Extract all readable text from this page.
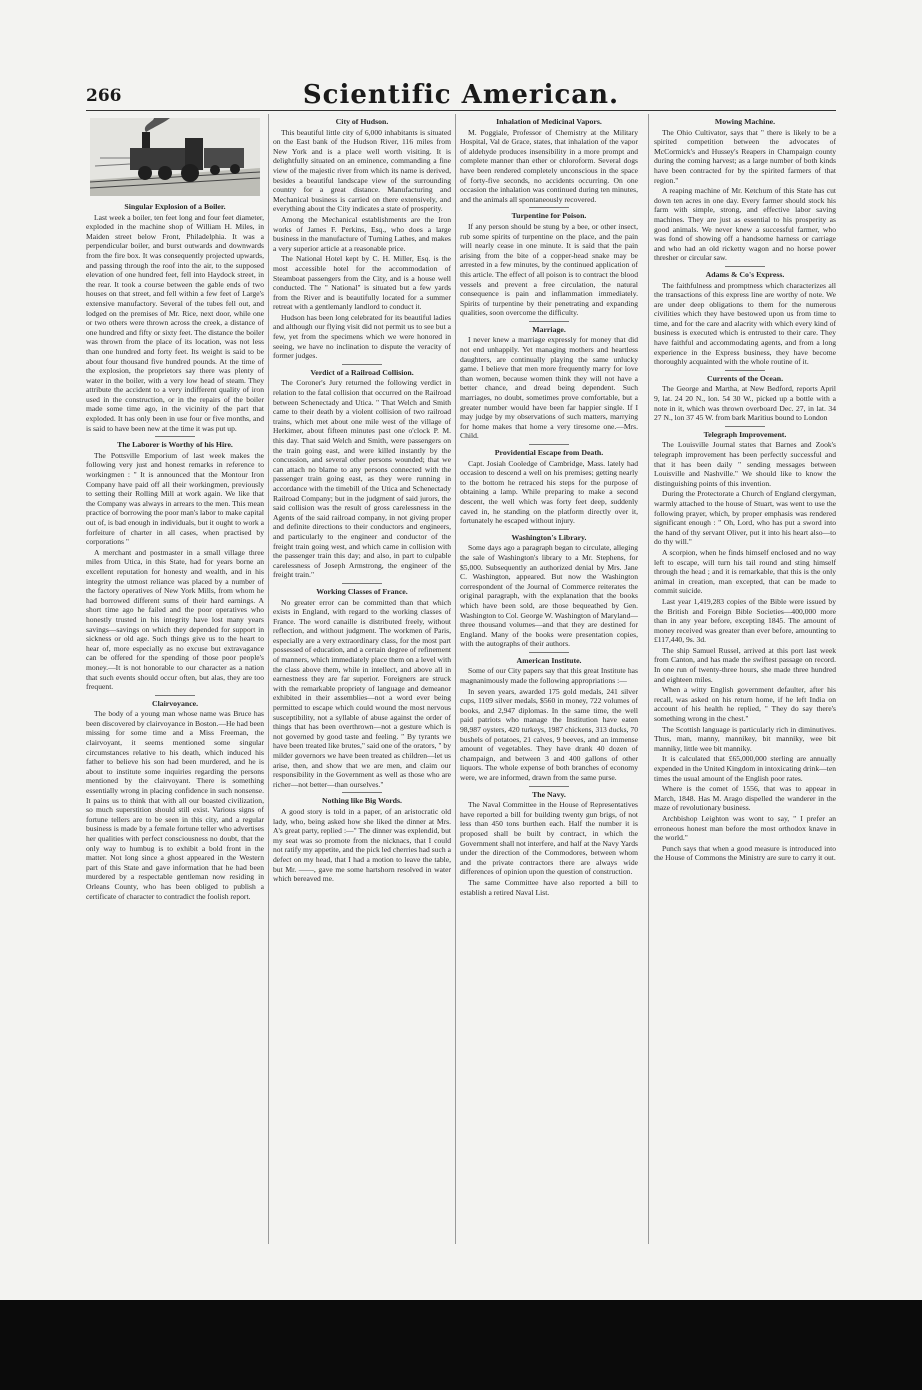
266	Scientific American.
Singular Explosion of a Boiler.

Last week a boiler, ten feet long and four feet diameter, exploded in the machine shop of William H. Miles, in Maiden street below Front, Philadelphia. It was a perpendicular boiler, and burst outwards and downwards from the fire box. It was consequently projected upwards, and passing through the roof into the air, to the supposed elevation of one hundred feet, fell into Haydock street, in the rear. It took a course between the gable ends of two houses on that street, and fell within a few feet of Large's extensive manufactory. Several of the tubes fell out, and lodged on the premises of Mr. Rice, next door, while one or two others were thrown across the creek, a distance of one hundred and fifty or sixty feet. The distance the boiler was thrown from the place of its location, was not less than one hundred and forty feet. Its weight is said to be about four thousand five hundred pounds. At the time of the explosion, the proprietors say there was plenty of water in the boiler, with a very low head of steam. They attribute the accident to a very indifferent quality of iron used in the construction, or in the repairs of the boiler made some time ago, in the vicinity of the part that exploded. It has only been in use four or five months, and is said to have been new at the time it was put up.

The Laborer is Worthy of his Hire.

The Pottsville Emporium of last week makes the following very just and honest remarks in reference to workingmen : " It is announced that the Montour Iron Company have paid off all their workingmen, previously to setting their Rolling Mill at work again. We like that the Company was always in arrears to the men. This mean practice of borrowing the poor man's labor to make capital out of, is bad enough in individuals, but it ought to work a forfeiture of charter in all cases, when practised by corporations "

A merchant and postmaster in a small village three miles from Utica, in this State, had for years borne an excellent reputation for honesty and wealth, and in his integrity the utmost reliance was placed by a number of the factory operatives of New York Mills, from whom he had borrowed different sums of their hard earnings. A short time ago he failed and the poor operatives who honestly trusted in his integrity have lost many years savings—savings on which they depended for support in sickness or old age. Such things give us to the heart to hear of, more especially as no excuse but extravagance can be offered for the spending of those poor people's money.—It is not honorable to our character as a nation that such events should occur often, but alas, they are too frequent.

Clairvoyance.

The body of a young man whose name was Bruce has been discovered by clairvoyance in Boston.—He had been missing for some time and a Miss Freeman, the clairvoyant, it seems mentioned some singular circumstances relative to his death, which induced his father to believe his son had been murdered, and he is about to institute some inquiries regarding the persons mentioned by the clairvoyant. There is something essentially wrong in placing confidence in such nonsense. It pains us to think that with all our boasted civilization, so much superstition should still exist. Various signs of fortune tellers are to be seen in this city, and a regular business is made by a female fortune teller who advertises her qualities with perfect consciousness no doubt, that the only way to humbug is to exhibit a bold front in the matter. Not long since a ghost appeared in the Western part of this State and gave information that he had been murdered by a respectable gentleman now residing in Orleans County, who has been obliged to publish a certificate of character to contradict the foolish report.

City of Hudson.

This beautiful little city of 6,000 inhabitants is situated on the East bank of the Hudson River, 116 miles from New York and is a place well worth visiting. It is delightfully situated on an eminence, commanding a fine view of the majestic river from which its name is derived, besides a beautiful landscape view of the surrounding country for a great distance. Manufacturing and Mechanical business is carried on there extensively, and everything about the City indicates a state of prosperity.

Among the Mechanical establishments are the Iron works of James F. Perkins, Esq., who does a large business in the manufacture of Turning Lathes, and makes a very superior article at a reasonable price.

The National Hotel kept by C. H. Miller, Esq. is the most accessible hotel for the accommodation of Steamboat passengers from the City, and is a house well conducted. The " National" is situated but a few yards from the River and is beautifully located for a summer retreat with a gentlemanly landlord to conduct it.

Hudson has been long celebrated for its beautiful ladies and although our flying visit did not permit us to see but a few, yet from the specimens which we were honored in seeing, we have no inclination to dispute the veracity of former judges.

Verdict of a Railroad Collision.

The Coroner's Jury returned the following verdict in relation to the fatal collision that occurred on the Railroad between Schenectady and Utica. " That Welch and Smith came to their death by a violent collision of two railroad trains, which met about one mile west of the village of Herkimer, about fifteen minutes past one o'clock P. M. this day. That said Welch and Smith, were passengers on the train going east, and were killed instantly by the concussion, and several other persons wounded; that we can attach no blame to any persons connected with the passenger train going east, as they were running in accordance with the timebill of the Utica and Schenectady Railroad Company; but in the judgment of said jurors, the said collision was the result of gross carelessness in the Agents of the said railroad company, in not giving proper and definite directions to their conductors and engineers, and particularly to the engineer and conductor of the freight train going west, and which came in collision with the passenger train this day; and also, in part to culpable carelessness of Joseph Armstrong, the engineer of the freight train."

Working Classes of France.

No greater error can be committed than that which exists in England, with regard to the working classes of France. The word canaille is distributed freely, without reflection, and without judgment. The workmen of Paris, especially are a very extraordinary class, for the most part possessed of education, and a certain degree of refinement of manners, which immediately place them on a level with the class above them, while in intellect, and above all in earnestness they are far superior. Foreigners are struck with the remarkable propriety of language and demeanor exhibited in their assemblies—not a word ever being permitted to escape which could wound the most nervous susceptibility, not a syllable of abuse against the order of things that has been overthrown—not a gesture which is not governed by good taste and feeling. " By tyrants we have been treated like brutes," said one of the orators, " by milder governors we have been treated as children—let us arise, then, and show that we are men, and claim our responsibility in the Government as well as those who are richer—not better—than ourselves."

Nothing like Big Words.

A good story is told in a paper, of an aristocratic old lady, who, being asked how she liked the dinner at Mrs. A's great party, replied :—" The dinner was explendid, but my seat was so promote from the nicknacs, that I could not ratify my appetite, and the pick led cherries had such a defect on my head, that I had a motion to leave the table, but Mr. ——, gave me some hartshorn resolved in water which bereaved me.

Inhalation of Medicinal Vapors.

M. Poggiale, Professor of Chemistry at the Military Hospital, Val de Grace, states, that inhalation of the vapor of aldehyde produces insensibility in a more prompt and complete manner than ether or chloroform. Several dogs have been rendered completely unconscious in the space of forty-five seconds, no accidents occurring. On one occasion the inhalation was continued during ten minutes, and the animals all spontaneously recovered.

Turpentine for Poison.

If any person should be stung by a bee, or other insect, rub some spirits of turpentine on the place, and the pain will nearly cease in one minute. It is said that the pain arising from the bite of a copper-head snake may be arrested in a few minutes, by the continued application of this article. The effect of all poison is to contract the blood vessels and prevent a free circulation, the natural consequence is pain and inflammation immediately. Spirits of turpentine by their penetrating and expanding qualities, soon overcome the difficulty.

Marriage.

I never knew a marriage expressly for money that did not end unhappily. Yet managing mothers and heartless daughters, are continually playing the same unlucky game. I believe that men more frequently marry for love than women, because women think they will not have a better chance, and dread being dependent. Such marriages, no doubt, sometimes prove comfortable, but a greater number would have been far happier single. If I may judge by my observations of such matters, marrying for home makes that home a very tiresome one.—Mrs. Child.

Providential Escape from Death.

Capt. Josiah Cooledge of Cambridge, Mass. lately had occasion to descend a well on his premises; getting nearly to the bottom he retraced his steps for the purpose of obtaining a lamp. While preparing to make a second descent, the well which was forty feet deep, suddenly caved in, he standing on the platform directly over it, fortunately he escaped without injury.

Washington's Library.

Some days ago a paragraph began to circulate, alleging the sale of Washington's library to a Mr. Stephens, for $5,000. Subsequently an authorized denial by Mrs. Jane C. Washington, appeared. But now the Washington correspondent of the Journal of Commerce reiterates the original paragraph, with the explanation that the books which have been sold, are those bequeathed by Gen. Washington to Col. George W. Washington of Maryland—three thousand volumes—and that they are destined for England. Many of the books were presentation copies, with the autographs of their authors.

American Institute.

Some of our City papers say that this great Institute has magnanimously made the following appropriations :—

In seven years, awarded 175 gold medals, 241 silver cups, 1109 silver medals, $560 in money, 722 volumes of books, and 2,947 diplomas. In the same time, the well paid patriots who manage the Institution have eaten 98,987 oysters, 420 turkeys, 1987 chickens, 313 ducks, 70 bushels of potatoes, 21 calves, 9 beeves, and an immense amount of vegetables. They have drank 40 dozen of champaign, and between 3 and 400 gallons of other liquors. The whole expense of both branches of economy were, we are informed, drawn from the same purse.

The Navy.

The Naval Committee in the House of Representatives have reported a bill for building twenty gun brigs, of not less than 450 tons burthen each. Half the number it is proposed shall be built by contract, in which the Government shall not interfere, and half at the Navy Yards under the direction of the Commodores, between whom and the private contractors there are always wide differences of opinion upon the question of construction.

The same Committee have also reported a bill to establish a retired Naval List.

Mowing Machine.

The Ohio Cultivator, says that " there is likely to be a spirited competition between the advocates of McCormick's and Hussey's Reapers in Champaign county during the coming harvest; as a large number of both kinds have been contracted for by the spirited farmers of that region."

A reaping machine of Mr. Ketchum of this State has cut down ten acres in one day. Every farmer should stock his farm with simple, strong, and effective labor saving machines. They are just as essential to his prosperity as good animals. We never knew a successful farmer, who was fond of showing off a handsome harness or carriage and who had an old ricketty wagon and no horse power thresher or circular saw.

Adams & Co's Express.

The faithfulness and promptness which characterizes all the transactions of this express line are worthy of note. We are under deep obligations to them for the numerous civilities which they have bestowed upon us from time to time, and for the care and alacrity with which every kind of business is executed which is entrusted to their care. They have faithful and accommodating agents, and from a long experience in the Express business, they have become thoroughly acquainted with the whole routine of it.

Currents of the Ocean.

The George and Martha, at New Bedford, reports April 9, lat. 24 20 N., lon. 54 30 W., picked up a bottle with a note in it, which was thrown overboard Dec. 27, in lat. 34 27 N., lon 37 45 W. from bark Maritius bound to London

Telegraph Improvement.

The Louisville Journal states that Barnes and Zook's telegraph improvement has been perfectly successful and that it has been daily " sending messages between Louisville and Nashville." We should like to know the distinguishing points of this invention.

During the Protectorate a Church of England clergyman, warmly attached to the house of Stuart, was went to use the following prayer, which, by proper emphasis was rendered significant enough : " Oh, Lord, who has put a sword into the hand of thy servant Oliver, put it into his heart also—to do thy will."

A scorpion, when he finds himself enclosed and no way left to escape, will turn his tail round and sting himself through the head ; and it is remarkable, that this is the only animal in creation, man excepted, that can be made to commit suicide.

Last year 1,419,283 copies of the Bible were issued by the British and Foreign Bible Societies—400,000 more than in any year before, excepting 1845. The amount of money received was greater than ever before, amounting to £117,440, 9s. 3d.

The ship Samuel Russel, arrived at this port last week from Canton, and has made the swiftest passage on record. In one run of twenty-three hours, she made three hundred and eighteen miles.

When a witty English government defaulter, after his recall, was asked on his return home, if he left India on account of his health he replied, " They do say there's something wrong in the chest."

The Scottish language is particularly rich in diminutives. Thus, man, manny, mannikey, bit manniky, wee bit manniky, little wee bit manniky.

It is calculated that £65,000,000 sterling are annually expended in the United Kingdom in intoxicating drink—ten times the usual amount of the English poor rates.

Where is the comet of 1556, that was to appear in March, 1848. Has M. Arago dispelled the wanderer in the maze of revolutionary business.

Archbishop Leighton was wont to say, " I prefer an erroneous honest man before the most orthodox knave in the world."

Punch says that when a good measure is introduced into the House of Commons the Ministry are sure to carry it out.
